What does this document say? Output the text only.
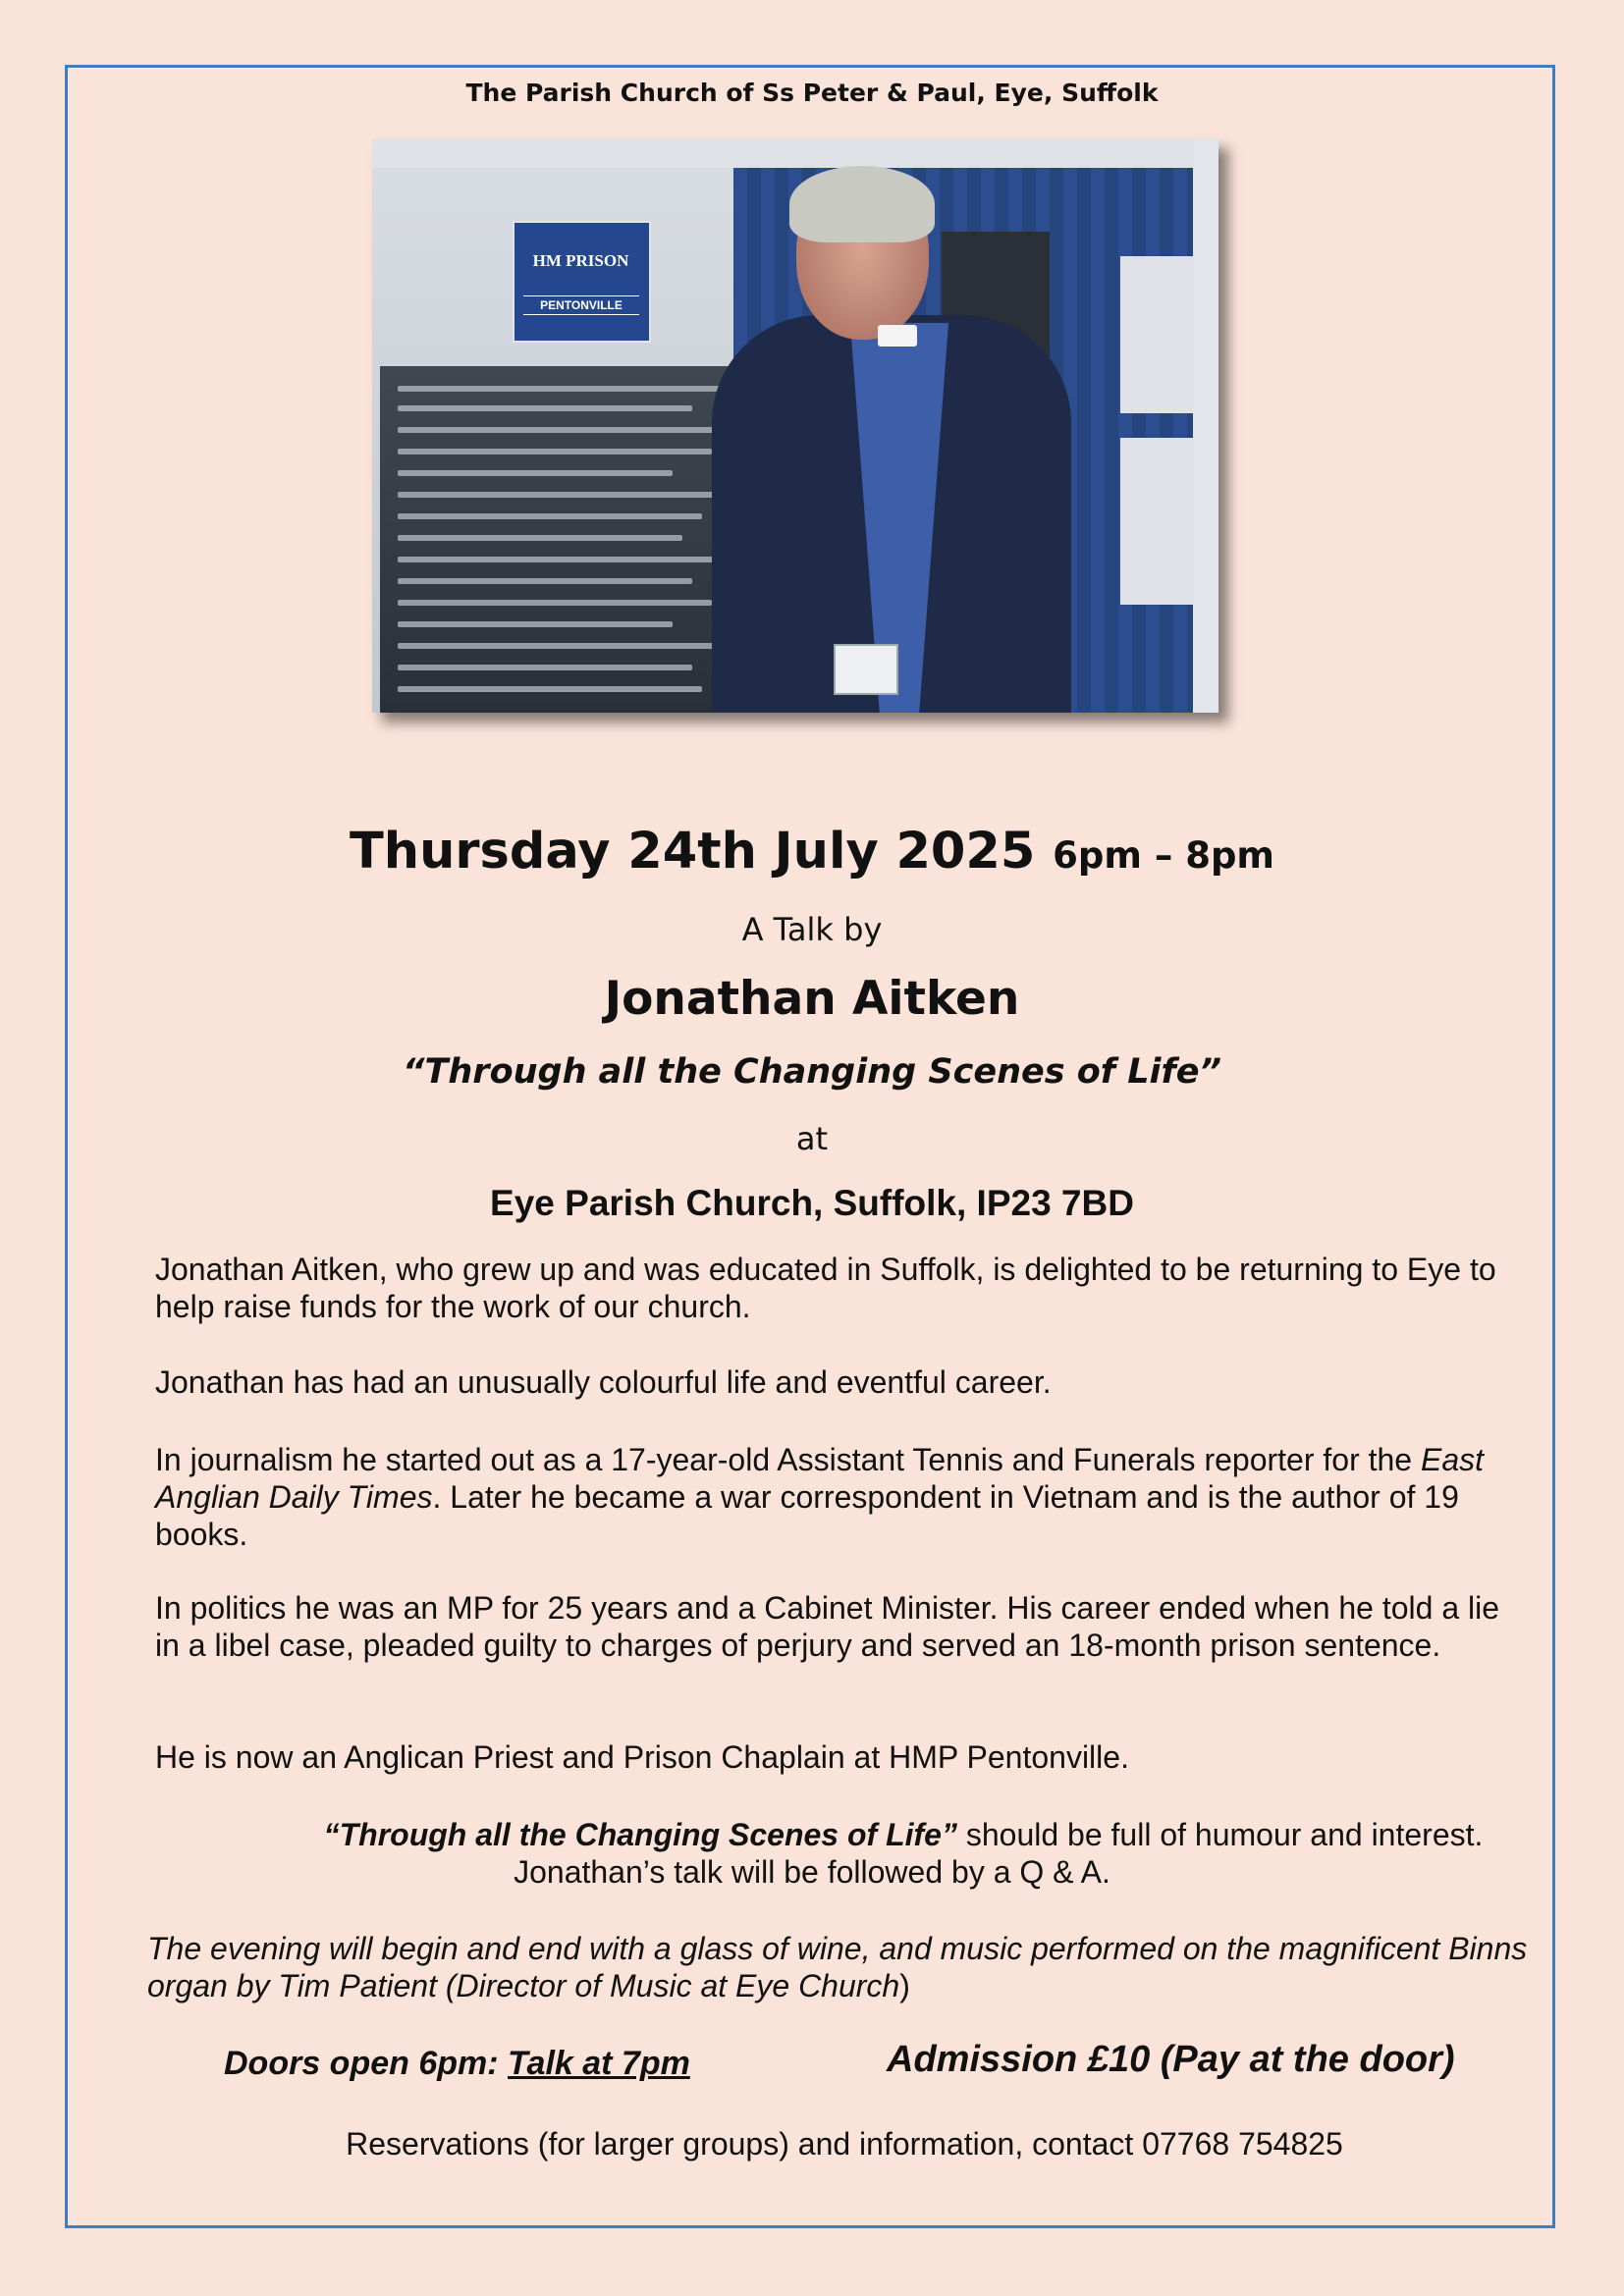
The Parish Church of Ss Peter & Paul, Eye, Suffolk
HM PRISON
PENTONVILLE
Thursday 24th July 2025 6pm – 8pm
A Talk by
Jonathan Aitken
“Through all the Changing Scenes of Life”
at
Eye Parish Church, Suffolk, IP23 7BD
Jonathan Aitken, who grew up and was educated in Suffolk, is delighted to be returning to Eye to help raise funds for the work of our church.
Jonathan has had an unusually colourful life and eventful career.
In journalism he started out as a 17-year-old Assistant Tennis and Funerals reporter for the East Anglian Daily Times. Later he became a war correspondent in Vietnam and is the author of 19 books.
In politics he was an MP for 25 years and a Cabinet Minister. His career ended when he told a lie in a libel case, pleaded guilty to charges of perjury and served an 18-month prison sentence.
He is now an Anglican Priest and Prison Chaplain at HMP Pentonville.
“Through all the Changing Scenes of Life” should be full of humour and interest.
Jonathan’s talk will be followed by a Q & A.
The evening will begin and end with a glass of wine, and music performed on the magnificent Binns organ by Tim Patient (Director of Music at Eye Church)
Doors open 6pm: Talk at 7pm	Admission £10 (Pay at the door)
Reservations (for larger groups) and information, contact 07768 754825
